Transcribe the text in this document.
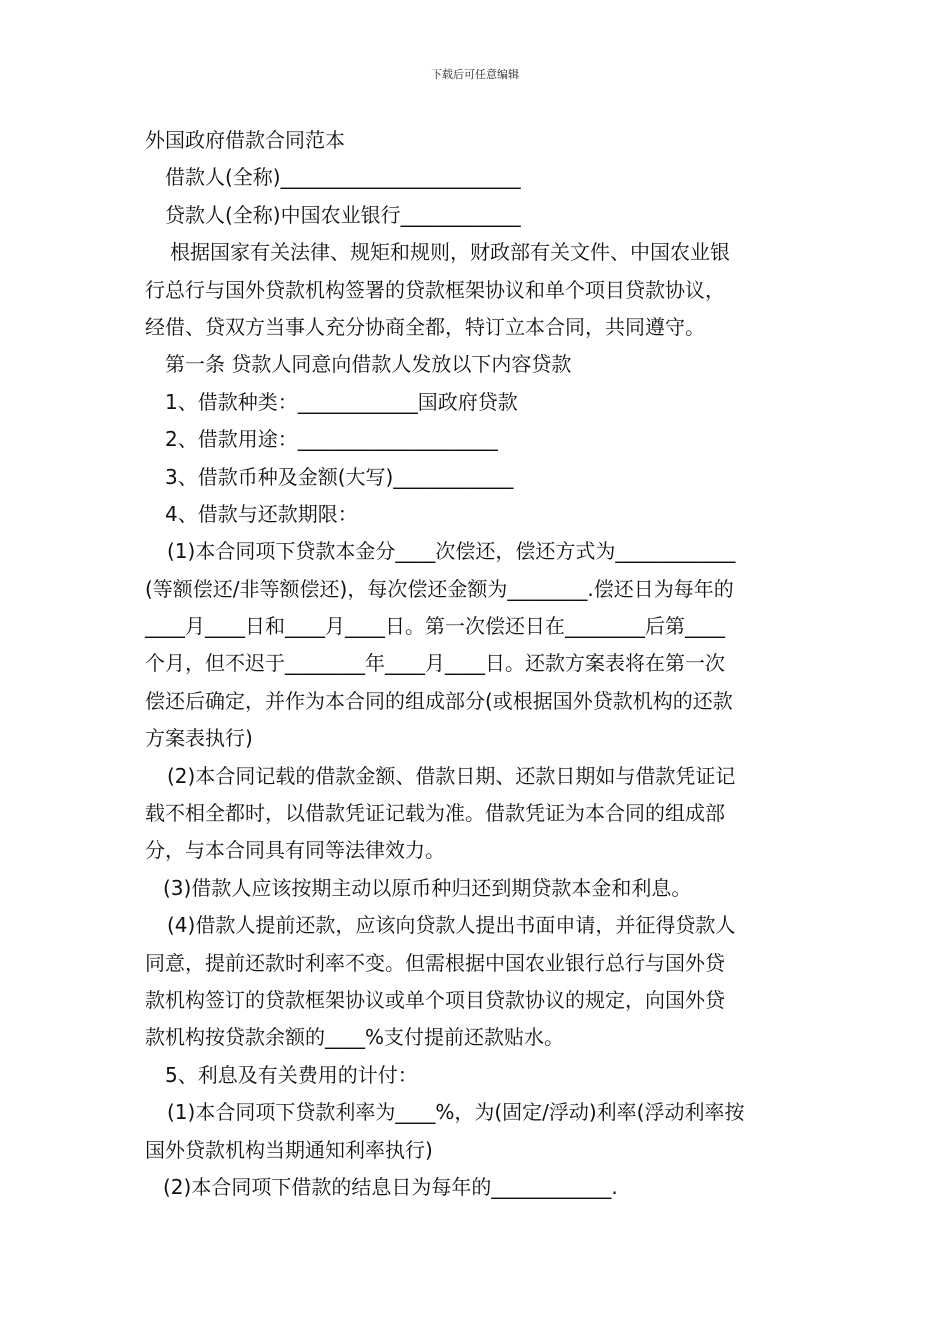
下载后可任意编辑
外国政府借款合同范本
借款人(全称)________________________
贷款人(全称)中国农业银行____________
根据国家有关法律、规矩和规则，财政部有关文件、中国农业银
行总行与国外贷款机构签署的贷款框架协议和单个项目贷款协议，
经借、贷双方当事人充分协商全都，特订立本合同，共同遵守。
第一条 贷款人同意向借款人发放以下内容贷款
1、借款种类：____________国政府贷款
2、借款用途：____________________
3、借款币种及金额(大写)____________
4、借款与还款期限：
(1)本合同项下贷款本金分____次偿还，偿还方式为____________
(等额偿还/非等额偿还)，每次偿还金额为________.偿还日为每年的
____月____日和____月____日。第一次偿还日在________后第____
个月，但不迟于________年____月____日。还款方案表将在第一次
偿还后确定，并作为本合同的组成部分(或根据国外贷款机构的还款
方案表执行)
(2)本合同记载的借款金额、借款日期、还款日期如与借款凭证记
载不相全都时，以借款凭证记载为准。借款凭证为本合同的组成部
分，与本合同具有同等法律效力。
(3)借款人应该按期主动以原币种归还到期贷款本金和利息。
(4)借款人提前还款，应该向贷款人提出书面申请，并征得贷款人
同意，提前还款时利率不变。但需根据中国农业银行总行与国外贷
款机构签订的贷款框架协议或单个项目贷款协议的规定，向国外贷
款机构按贷款余额的____%支付提前还款贴水。
5、利息及有关费用的计付：
(1)本合同项下贷款利率为____%，为(固定/浮动)利率(浮动利率按
国外贷款机构当期通知利率执行)
(2)本合同项下借款的结息日为每年的____________.
